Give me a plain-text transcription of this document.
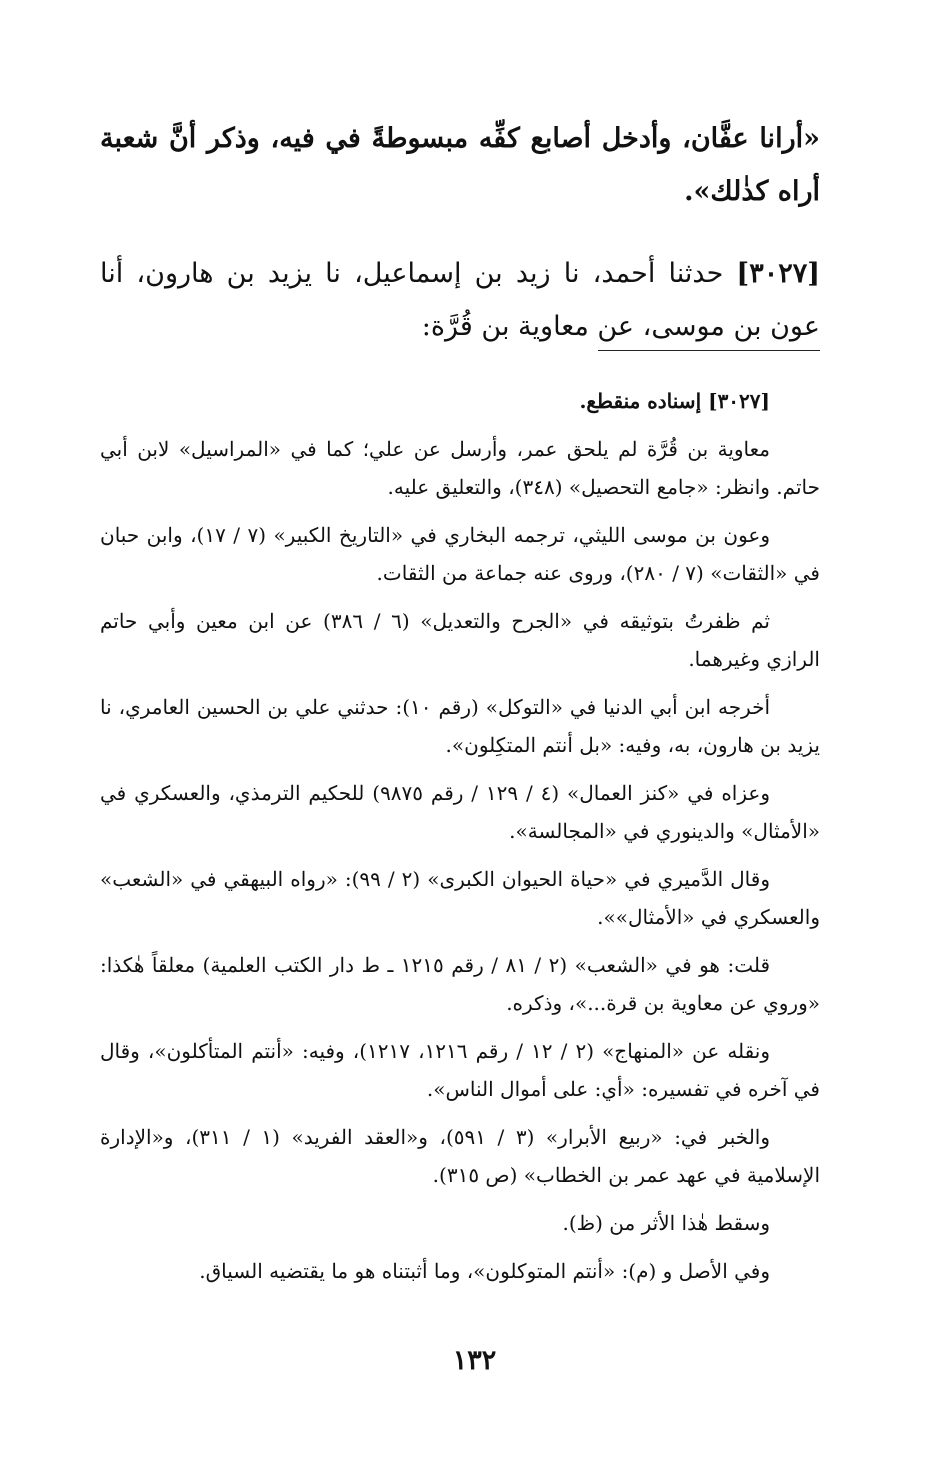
«أرانا عفَّان، وأدخل أصابع كفِّه مبسوطةً في فيه، وذكر أنَّ شعبة أراه كذٰلك».
[٣٠٢٧] حدثنا أحمد، نا زيد بن إسماعيل، نا يزيد بن هارون، أنا عون بن موسى، عن معاوية بن قُرَّة:

[٣٠٢٧] إسناده منقطع.

معاوية بن قُرَّة لم يلحق عمر، وأرسل عن علي؛ كما في «المراسيل» لابن أبي حاتم. وانظر: «جامع التحصيل» (٣٤٨)، والتعليق عليه.

وعون بن موسى الليثي، ترجمه البخاري في «التاريخ الكبير» (٧ / ١٧)، وابن حبان في «الثقات» (٧ / ٢٨٠)، وروى عنه جماعة من الثقات.

ثم ظفرتُ بتوثيقه في «الجرح والتعديل» (٦ / ٣٨٦) عن ابن معين وأبي حاتم الرازي وغيرهما.

أخرجه ابن أبي الدنيا في «التوكل» (رقم ١٠): حدثني علي بن الحسين العامري، نا يزيد بن هارون، به، وفيه: «بل أنتم المتكِلون».

وعزاه في «كنز العمال» (٤ / ١٢٩ / رقم ٩٨٧٥) للحكيم الترمذي، والعسكري في «الأمثال» والدينوري في «المجالسة».

وقال الدَّميري في «حياة الحيوان الكبرى» (٢ / ٩٩): «رواه البيهقي في «الشعب» والعسكري في «الأمثال»».

قلت: هو في «الشعب» (٢ / ٨١ / رقم ١٢١٥ ـ ط دار الكتب العلمية) معلقاً هٰكذا: «وروي عن معاوية بن قرة...»، وذكره.

ونقله عن «المنهاج» (٢ / ١٢ / رقم ١٢١٦، ١٢١٧)، وفيه: «أنتم المتأكلون»، وقال في آخره في تفسيره: «أي: على أموال الناس».

والخبر في: «ربيع الأبرار» (٣ / ٥٩١)، و«العقد الفريد» (١ / ٣١١)، و«الإدارة الإسلامية في عهد عمر بن الخطاب» (ص ٣١٥).

وسقط هٰذا الأثر من (ظ).

وفي الأصل و (م): «أنتم المتوكلون»، وما أثبتناه هو ما يقتضيه السياق.

١٣٢
